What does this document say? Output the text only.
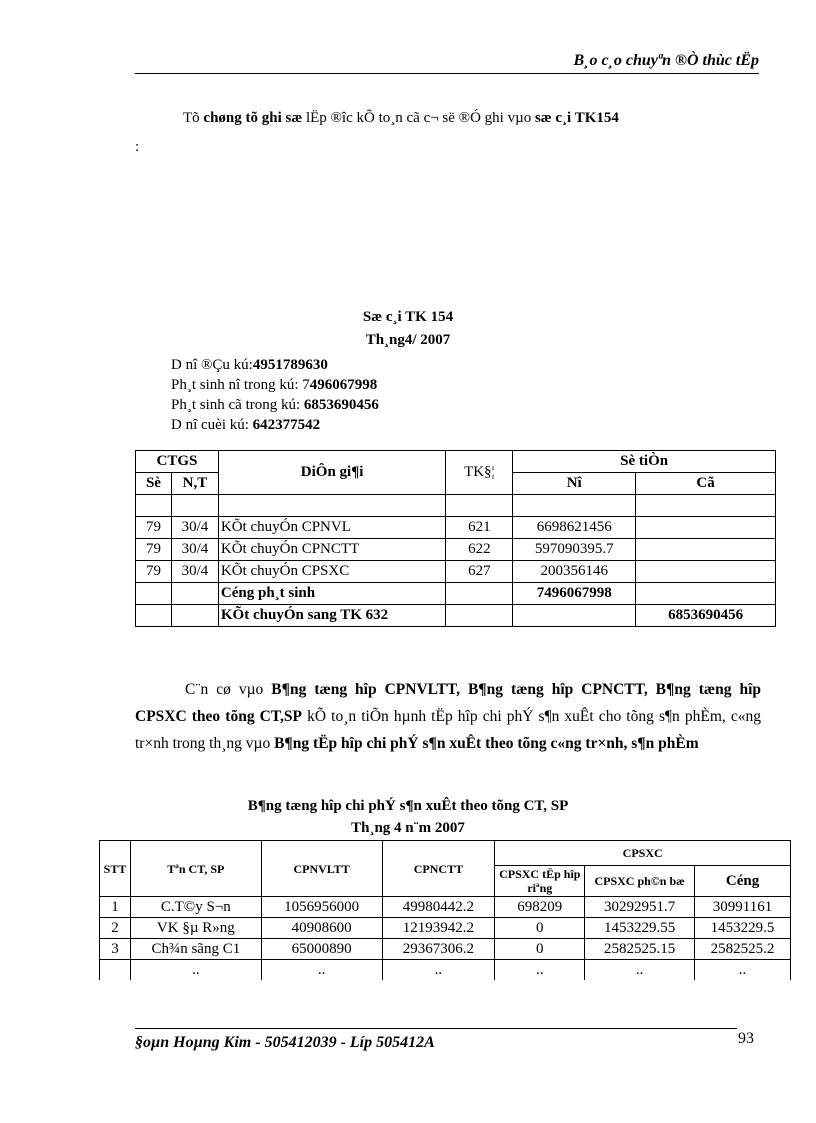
B¸o c¸o chuyªn ®Ò thùc tËp
Tõ chøng tõ ghi sæ lËp ®îc kÕ to¸n cã c¬ së ®Ó ghi vµo sæ c¸i TK154
:
Sæ c¸i TK 154
Th¸ng4/ 2007
D nî ®Çu kú:4951789630
Ph¸t sinh nî trong kú: 7496067998
Ph¸t sinh cã trong kú: 6853690456
D nî cuèi kú: 642377542
CTGS		DiÔn gi¶i	TK§¦	Sè tiÒn	
Sè	N,T			Nî	Cã

79	30/4	KÕt chuyÓn CPNVL	621	6698621456	
79	30/4	KÕt chuyÓn CPNCTT	622	597090395.7	
79	30/4	KÕt chuyÓn CPSXC	627	200356146	
		Céng ph¸t sinh		7496067998	
		KÕt chuyÓn sang TK 632			6853690456
C¨n cø vµo B¶ng tæng hîp CPNVLTT, B¶ng tæng hîp CPNCTT, B¶ng tæng hîp CPSXC theo tõng CT,SP kÕ to¸n tiÕn hµnh tËp hîp chi phÝ s¶n xuÊt cho tõng s¶n phÈm, c«ng tr×nh trong th¸ng vµo B¶ng tËp hîp chi phÝ s¶n xuÊt theo tõng c«ng tr×nh, s¶n phÈm
B¶ng tæng hîp chi phÝ s¶n xuÊt theo tõng CT, SP
Th¸ng 4 n¨m 2007
STT	Tªn CT, SP	CPNVLTT	CPNCTT	CPSXC		
				CPSXC tËp hîp riªng	CPSXC ph©n bæ	Céng
1	C.T©y S¬n	1056956000	49980442.2	698209	30292951.7	30991161
2	VK §µ R»ng	40908600	12193942.2	0	1453229.55	1453229.5
3	Ch¾n sãng C1	65000890	29367306.2	0	2582525.15	2582525.2
	..	..	..	..	..	..
§oµn Hoµng Kim - 505412039 - Líp 505412A	93
